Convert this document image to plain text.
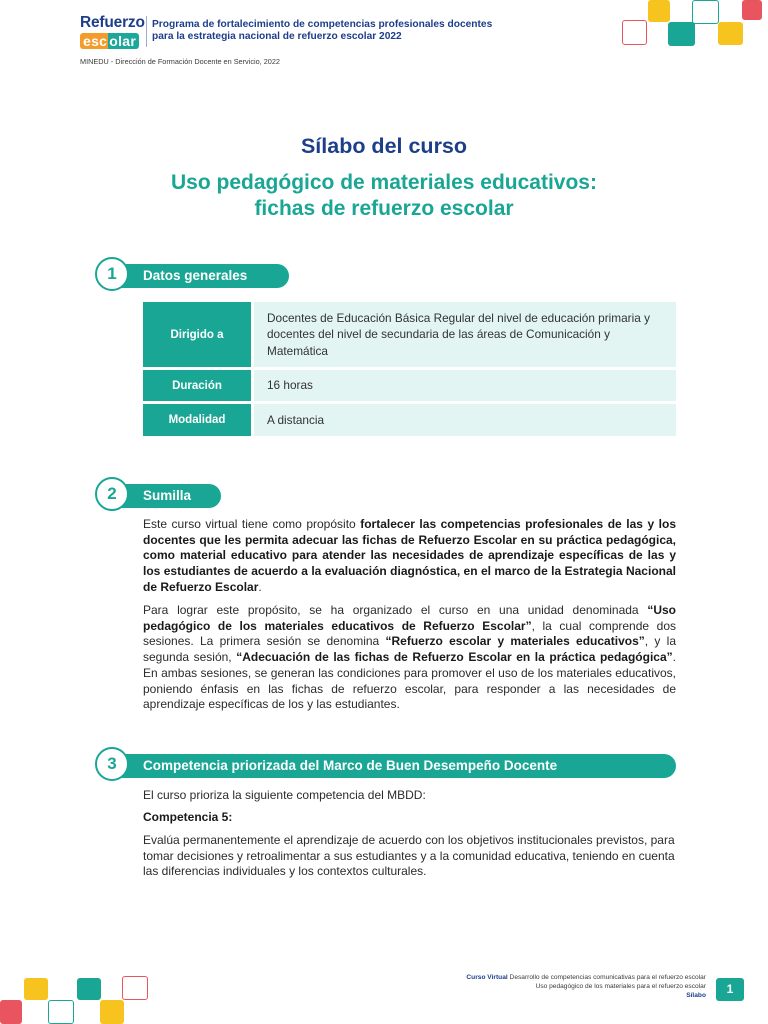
Refuerzo
esc olar
Programa de fortalecimiento de competencias profesionales docentes para la estrategia nacional de refuerzo escolar 2022
MINEDU - Dirección de Formación Docente en Servicio, 2022
Sílabo del curso
Uso pedagógico de materiales educativos:
fichas de refuerzo escolar
Datos generales
1
Dirigido a		Docentes de Educación Básica Regular del nivel de educación primaria y docentes del nivel de secundaria de las áreas de Comunicación y Matemática
Duración		16 horas
Modalidad		A distancia
Sumilla
2
Este curso virtual tiene como propósito fortalecer las competencias profesionales de las y los docentes que les permita adecuar las fichas de Refuerzo Escolar en su práctica pedagógica, como material educativo para atender las necesidades de aprendizaje específicas de las y los estudiantes de acuerdo a la evaluación diagnóstica, en el marco de la Estrategia Nacional de Refuerzo Escolar.
Para lograr este propósito, se ha organizado el curso en una unidad denominada “Uso pedagógico de los materiales educativos de Refuerzo Escolar”, la cual comprende dos sesiones. La primera sesión se denomina “Refuerzo escolar y materiales educativos”, y la segunda sesión, “Adecuación de las fichas de Refuerzo Escolar en la práctica pedagógica”. En ambas sesiones, se generan las condiciones para promover el uso de los materiales educativos, poniendo énfasis en las fichas de refuerzo escolar, para responder a las necesidades de aprendizaje específicas de los y las estudiantes.
Competencia priorizada del Marco de Buen Desempeño Docente
3
El curso prioriza la siguiente competencia del MBDD:
Competencia 5:
Evalúa permanentemente el aprendizaje de acuerdo con los objetivos institucionales previstos, para tomar decisiones y retroalimentar a sus estudiantes y a la comunidad educativa, teniendo en cuenta las diferencias individuales y los contextos culturales.
Curso Virtual Desarrollo de competencias comunicativas para el refuerzo escolar
Uso pedagógico de los materiales para el refuerzo escolar
Sílabo	1
